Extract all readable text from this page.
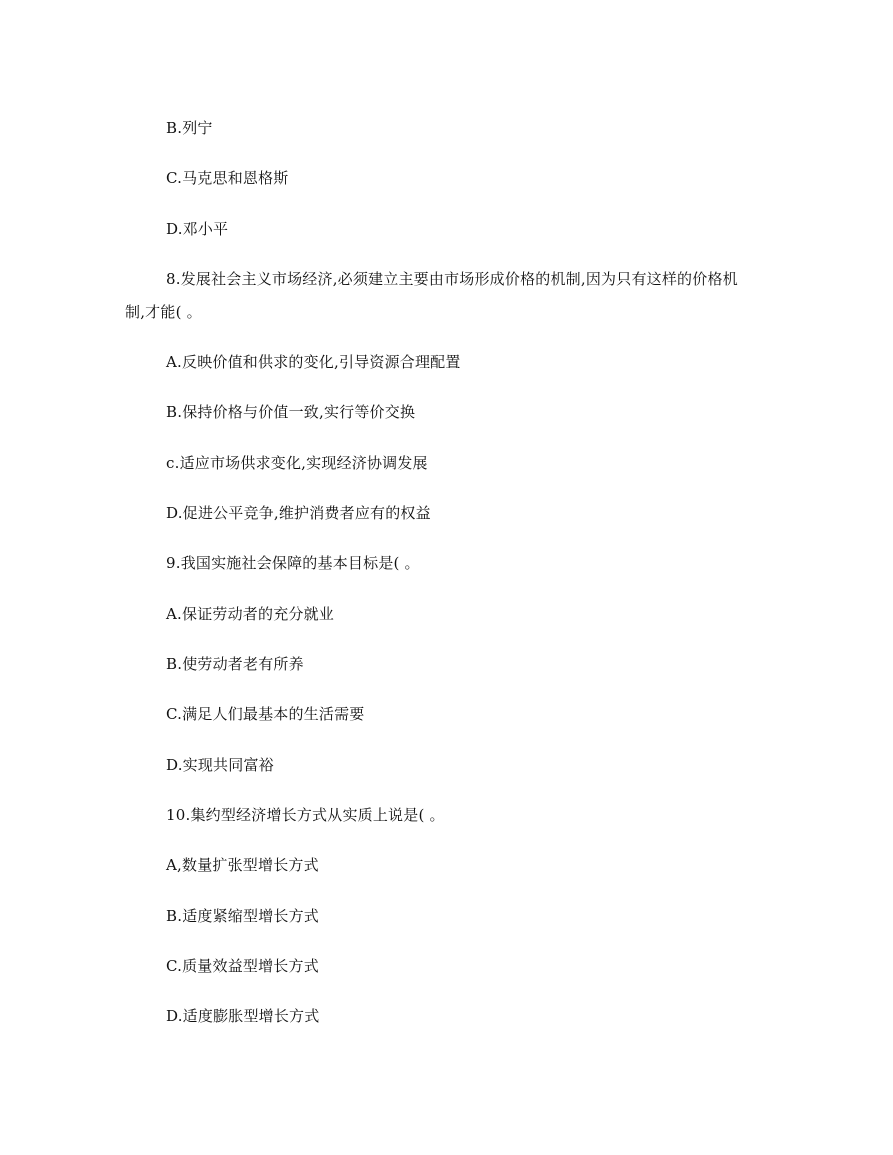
B.列宁
C.马克思和恩格斯
D.邓小平
8.发展社会主义市场经济,必须建立主要由市场形成价格的机制,因为只有这样的价格机
制,才能( 。
A.反映价值和供求的变化,引导资源合理配置
B.保持价格与价值一致,实行等价交换
c.适应市场供求变化,实现经济协调发展
D.促进公平竞争,维护消费者应有的权益
9.我国实施社会保障的基本目标是( 。
A.保证劳动者的充分就业
B.使劳动者老有所养
C.满足人们最基本的生活需要
D.实现共同富裕
10.集约型经济增长方式从实质上说是( 。
A,数量扩张型增长方式
B.适度紧缩型增长方式
C.质量效益型增长方式
D.适度膨胀型增长方式
